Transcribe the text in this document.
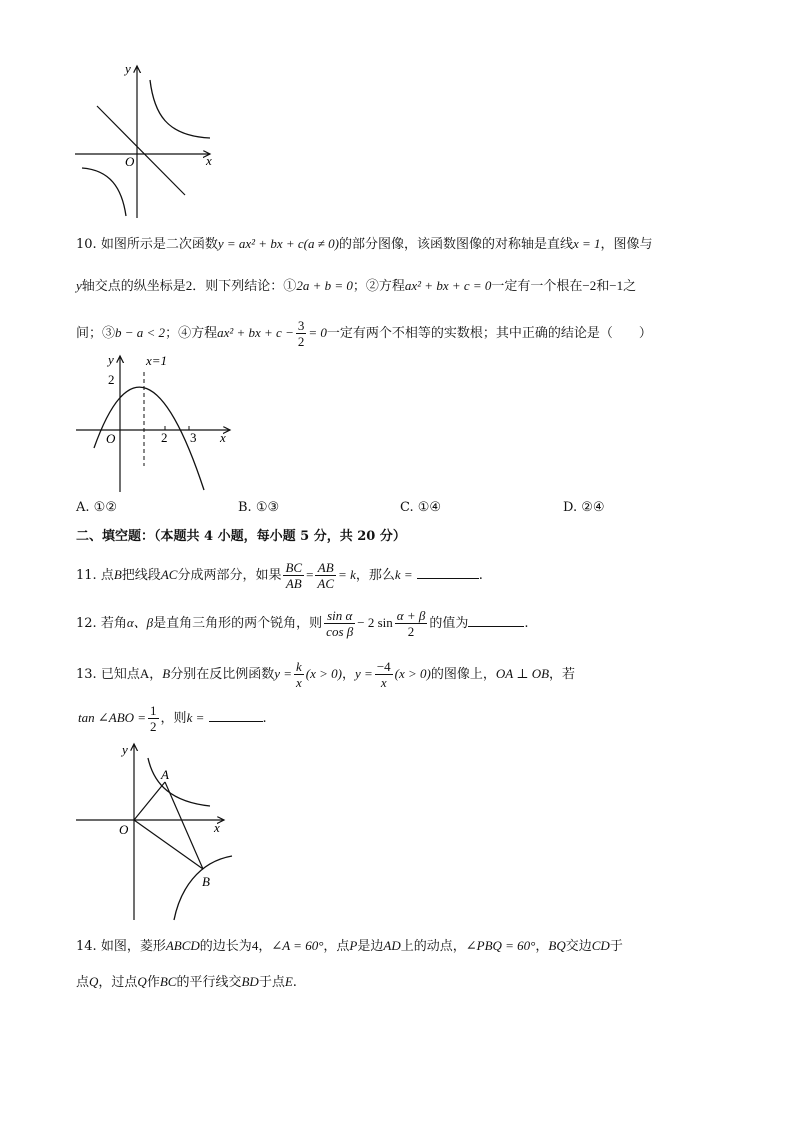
x
y
O
10. 如图所示是二次函数y = ax² + bx + c(a ≠ 0)的部分图像，该函数图像的对称轴是直线x = 1，图像与
y轴交点的纵坐标是2．则下列结论：①2a + b = 0；②方程ax² + bx + c = 0一定有一个根在−2和−1之
间；③b − a < 2；④方程ax² + bx + $c - \frac{3}{2} = 0$一定有两个不相等的实数根；其中正确的结论是（　　）
x=1
y
2
O	2 3 x
A. ①②	B. ①③	C. ①④	D. ②④
二、填空题：（本题共 4 小题，每小题 5 分，共 20 分）
11. 点B把线段AC分成两部分，如果 $\frac{BC}{AB} = \frac{AB}{AC} = k$，那么k =	.
12. 若角α、β是直角三角形的两个锐角，则 $\frac{\text{sin α}}{\text{cos β}} - 2$ $\sin \frac{\alpha + \beta}{2}$ 的值为	.
13. 已知点A，B分别在反比例函数$y = \frac{k}{x} (x > 0)$，$y = \frac{-4}{x} (x > 0)$的图像上，OA ⊥ OB，若
tan ∠ABO = $\frac{1}{2}$ ，则k =	.
y
A
O	x
B
14. 如图，菱形ABCD的边长为4，∠A = 60°，点P是边AD上的动点，∠PBQ = 60°，BQ交边CD于
点Q，过点Q作BC的平行线交BD于点E.
